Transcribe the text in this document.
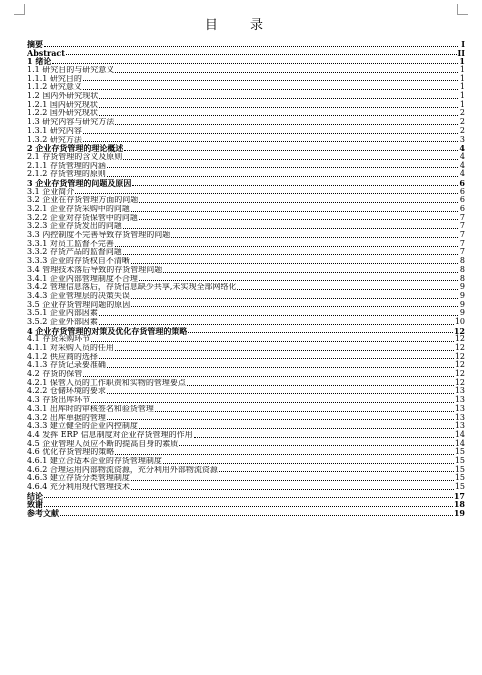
目 录
摘要	I
Abstract	II
1 绪论	1
1.1 研究目的与研究意义	1
1.1.1 研究目的	1
1.1.2 研究意义	1
1.2 国内外研究现状	1
1.2.1 国内研究现状	1
1.2.2 国外研究现状	2
1.3 研究内容与研究方法	2
1.3.1 研究内容	2
1.3.2 研究方法	3
2 企业存货管理的理论概述	4
2.1 存货管理的含义及原则	4
2.1.1 存货管理的内涵	4
2.1.2 存货管理的原则	4
3 企业存货管理的问题及原因	6
3.1 企业简介	6
3.2 企业在存货管理方面的问题	6
3.2.1 企业存货采购中的问题	6
3.2.2 企业对存货保管中的问题	7
3.2.3 企业存货发出的问题	7
3.3 内控制度不完善导致存货管理的问题	7
3.3.1 对员工监督不完善	7
3.3.2 存货产品的监督问题	7
3.3.3 企业的存货权自不清晰	8
3.4 管理技术落后导致的存货管理问题	8
3.4.1 企业内部管理制度不合理	8
3.4.2 管理信息落后，存货信息缺少共享,未实现全部网络化	9
3.4.3 企业管理层的决策失误	9
3.5 企业存货管理问题的原因	9
3.5.1 企业内部因素	9
3.5.2 企业外部因素	10
4 企业存货管理的对策及优化存货管理的策略	12
4.1 存货采购环节	12
4.1.1 对采购人员的任用	12
4.1.2 供应商的选择	12
4.1.3 存货记录要准确	12
4.2 存货的保管	12
4.2.1 保管人员的工作职责和实物的管理要点	12
4.2.2 仓储环境的要求	13
4.3 存货出库环节	13
4.3.1 出库时的审核签名和验货管理	13
4.3.2 出库单据的管理	13
4.3.3 建立健全的企业内控制度	13
4.4 发挥 ERP 信息制度对企业存货管理的作用	14
4.5 企业管理人员应不断的提高自身的素质	14
4.6 优化存货管理的策略	15
4.6.1 建立合适本企业的存货管理制度	15
4.6.2 合理运用内部物流资源，充分利用外部物流资源	15
4.6.3 建立存货分类管理制度	15
4.6.4 充分利用现代管理技术	15
结论	17
致谢	18
参考文献	19
